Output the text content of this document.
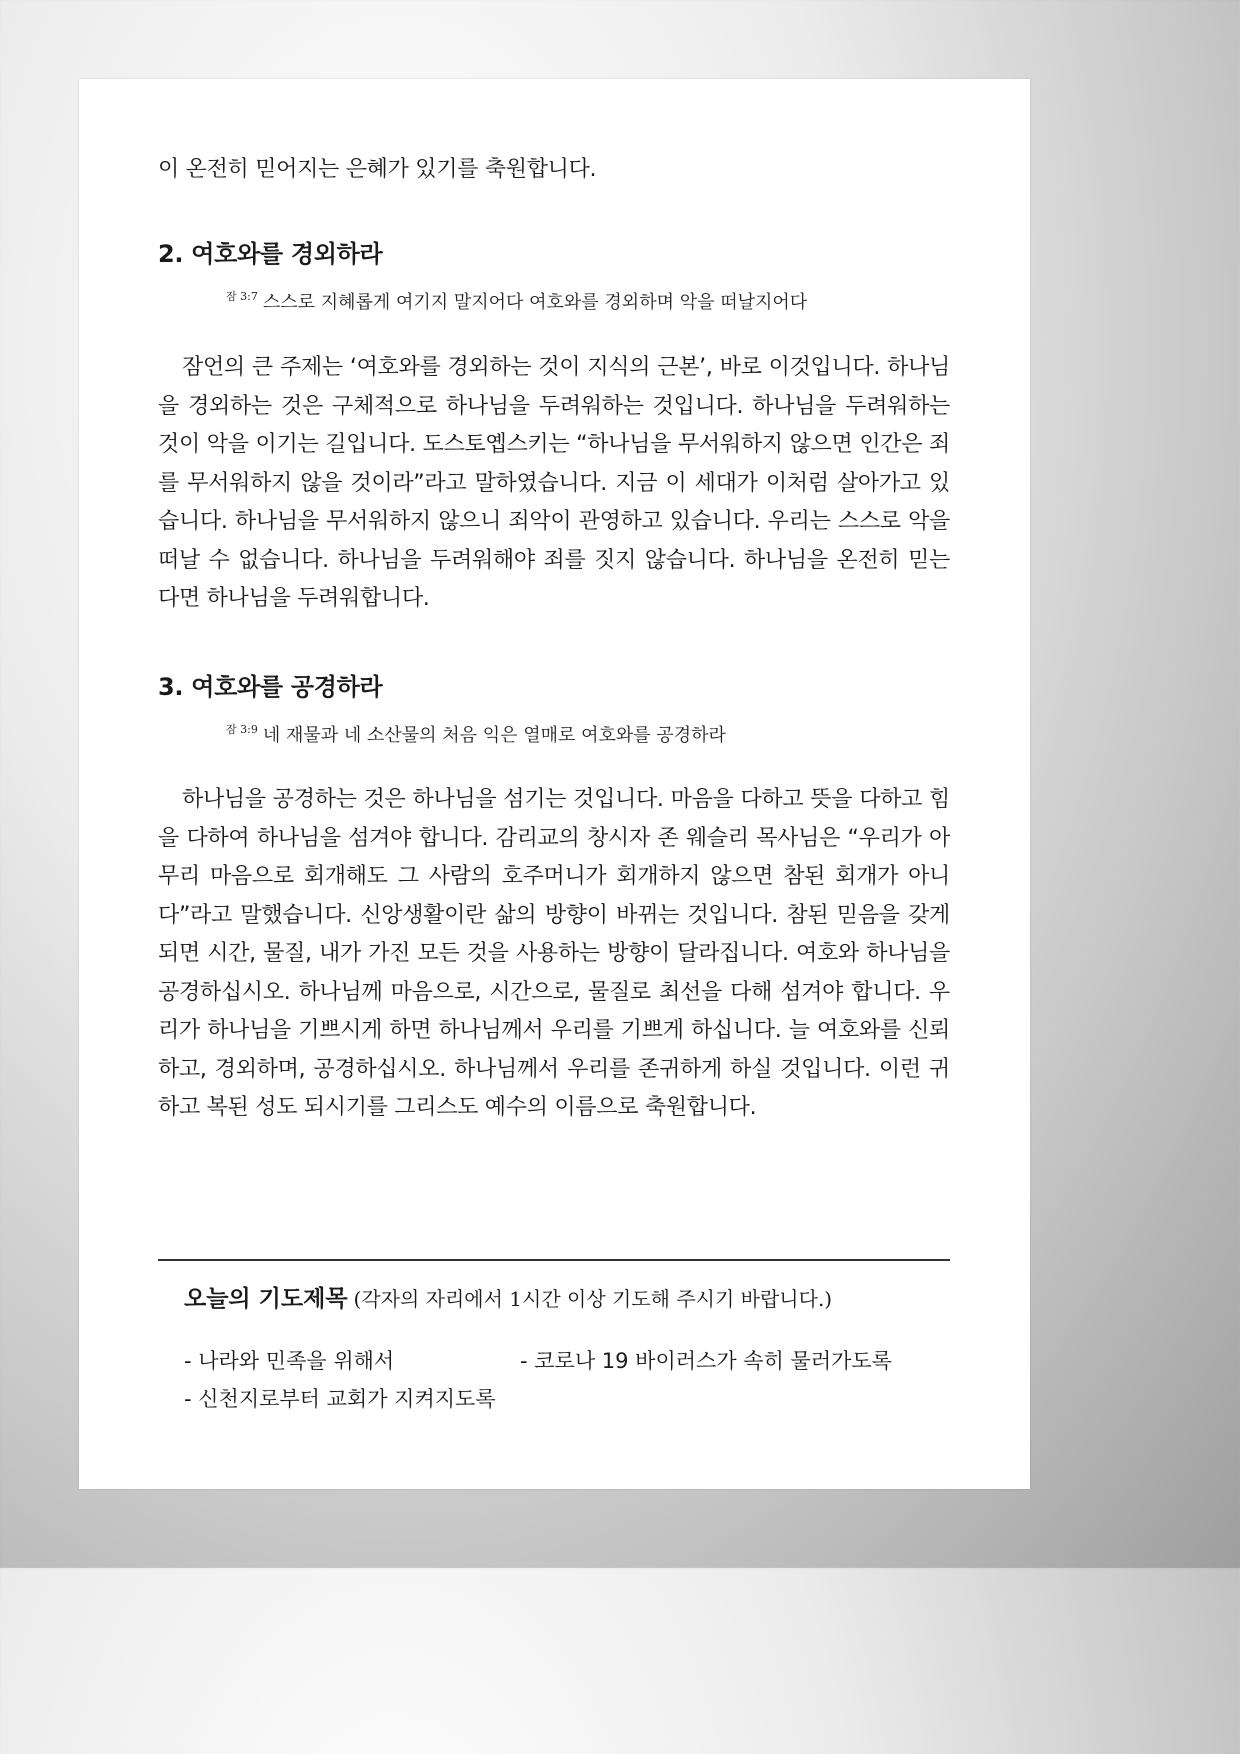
이 온전히 믿어지는 은혜가 있기를 축원합니다.

2. 여호와를 경외하라
$^{잠 3:7}$ 스스로 지혜롭게 여기지 말지어다 여호와를 경외하며 악을 떠날지어다

잠언의 큰 주제는 ‘여호와를 경외하는 것이 지식의 근본’, 바로 이것입니다. 하나님을 경외하는 것은 구체적으로 하나님을 두려워하는 것입니다. 하나님을 두려워하는 것이 악을 이기는 길입니다. 도스토옙스키는 “하나님을 무서워하지 않으면 인간은 죄를 무서워하지 않을 것이라”라고 말하였습니다. 지금 이 세대가 이처럼 살아가고 있습니다. 하나님을 무서워하지 않으니 죄악이 관영하고 있습니다. 우리는 스스로 악을 떠날 수 없습니다. 하나님을 두려워해야 죄를 짓지 않습니다. 하나님을 온전히 믿는다면 하나님을 두려워합니다.

3. 여호와를 공경하라
$^{잠 3:9}$ 네 재물과 네 소산물의 처음 익은 열매로 여호와를 공경하라

하나님을 공경하는 것은 하나님을 섬기는 것입니다. 마음을 다하고 뜻을 다하고 힘을 다하여 하나님을 섬겨야 합니다. 감리교의 창시자 존 웨슬리 목사님은 “우리가 아무리 마음으로 회개해도 그 사람의 호주머니가 회개하지 않으면 참된 회개가 아니다”라고 말했습니다. 신앙생활이란 삶의 방향이 바뀌는 것입니다. 참된 믿음을 갖게 되면 시간, 물질, 내가 가진 모든 것을 사용하는 방향이 달라집니다. 여호와 하나님을 공경하십시오. 하나님께 마음으로, 시간으로, 물질로 최선을 다해 섬겨야 합니다. 우리가 하나님을 기쁘시게 하면 하나님께서 우리를 기쁘게 하십니다. 늘 여호와를 신뢰하고, 경외하며, 공경하십시오. 하나님께서 우리를 존귀하게 하실 것입니다. 이런 귀하고 복된 성도 되시기를 그리스도 예수의 이름으로 축원합니다.

오늘의 기도제목 (각자의 자리에서 1시간 이상 기도해 주시기 바랍니다.)
- 나라와 민족을 위해서	- 코로나 19 바이러스가 속히 물러가도록
- 신천지로부터 교회가 지켜지도록
